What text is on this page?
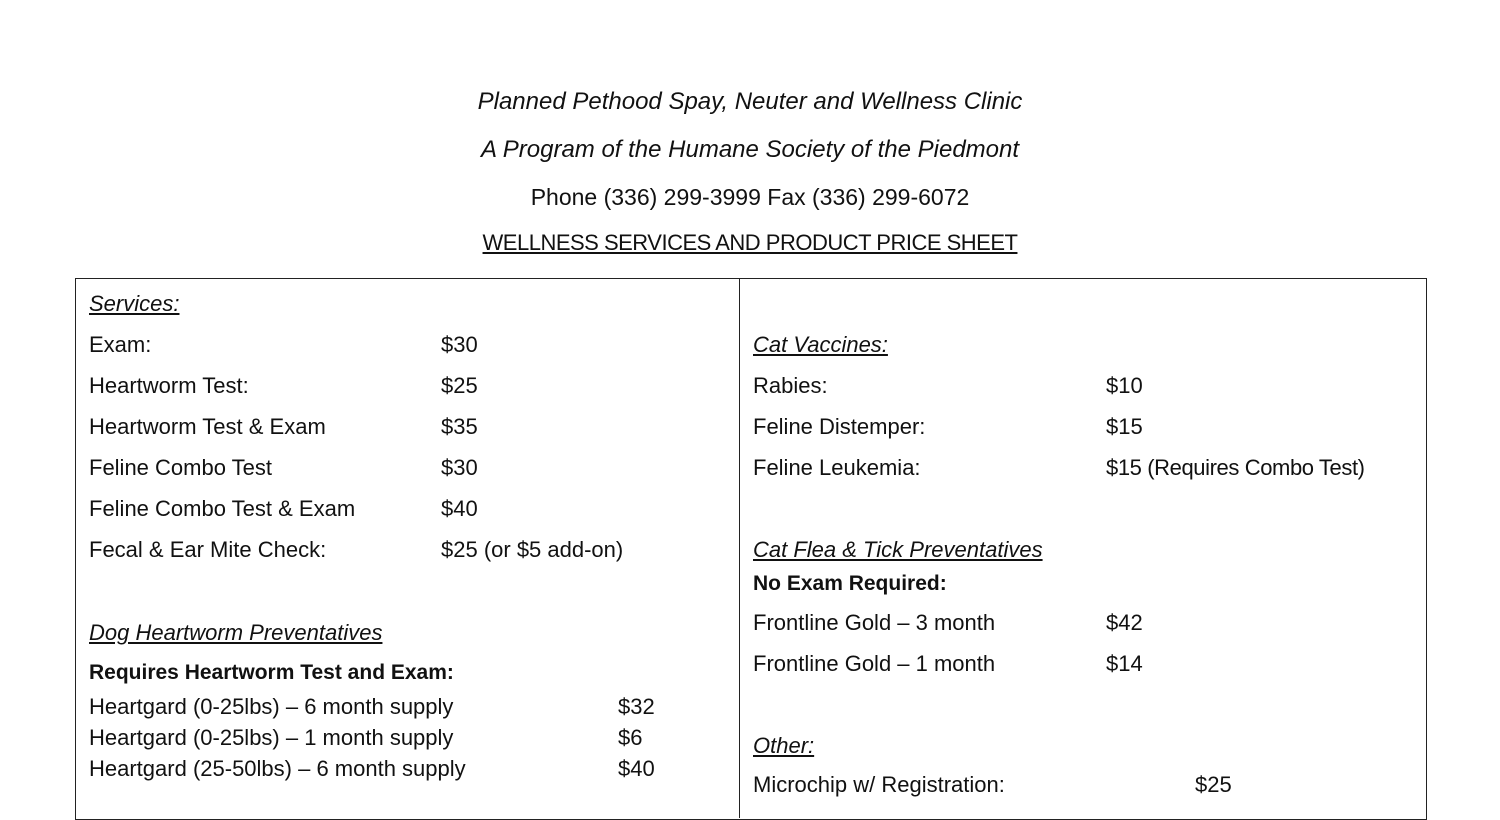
Planned Pethood Spay, Neuter and Wellness Clinic
A Program of the Humane Society of the Piedmont
Phone (336) 299-3999 Fax (336) 299-6072
WELLNESS SERVICES AND PRODUCT PRICE SHEET
Services:
Exam:	$30
Heartworm Test:	$25
Heartworm Test & Exam	$35
Feline Combo Test	$30
Feline Combo Test & Exam	$40
Fecal & Ear Mite Check:	$25 (or $5 add-on)
Dog Heartworm Preventatives
Requires Heartworm Test and Exam:
Heartgard (0-25lbs) – 6 month supply	$32
Heartgard (0-25lbs) – 1 month supply	$6
Heartgard (25-50lbs) – 6 month supply	$40
Cat Vaccines:
Rabies:	$10
Feline Distemper:	$15
Feline Leukemia:	$15 (Requires Combo Test)
Cat Flea & Tick Preventatives
No Exam Required:
Frontline Gold – 3 month	$42
Frontline Gold – 1 month	$14
Other:
Microchip w/ Registration:	$25
